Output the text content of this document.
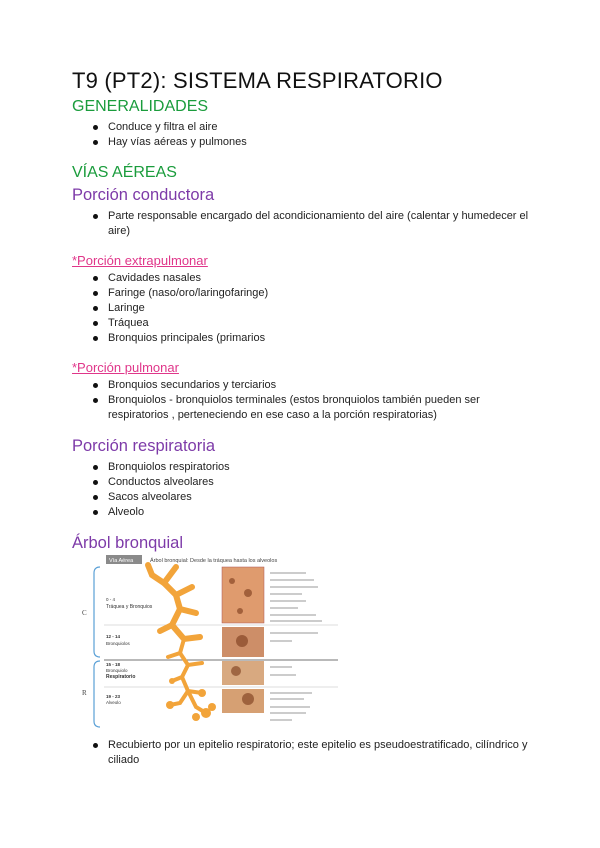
T9 (PT2): SISTEMA RESPIRATORIO
GENERALIDADES
Conduce y filtra el aire
Hay vías aéreas y pulmones
VÍAS AÉREAS
Porción conductora
Parte responsable encargado del acondicionamiento del aire (calentar y humedecer el aire)
*Porción extrapulmonar
Cavidades nasales
Faringe (naso/oro/laringofaringe)
Laringe
Tráquea
Bronquios principales (primarios
*Porción pulmonar
Bronquios secundarios y terciarios
Bronquiolos - bronquiolos terminales (estos bronquiolos también pueden ser respiratorios , perteneciendo en ese caso a la porción respiratorias)
Porción respiratoria
Bronquiolos respiratorios
Conductos alveolares
Sacos alveolares
Alveolo
Árbol bronquial
Vía Aérea	Árbol bronquial: Desde la tráquea hasta los alveolos
C
R
0 - 4
Tráquea y Bronquios
12 - 14
Bronquiolos
15 - 18
Bronquiolo
Respiratorio
19 - 23
Alveolo
Recubierto por un epitelio respiratorio; este epitelio es pseudoestratificado, cilíndrico y ciliado
